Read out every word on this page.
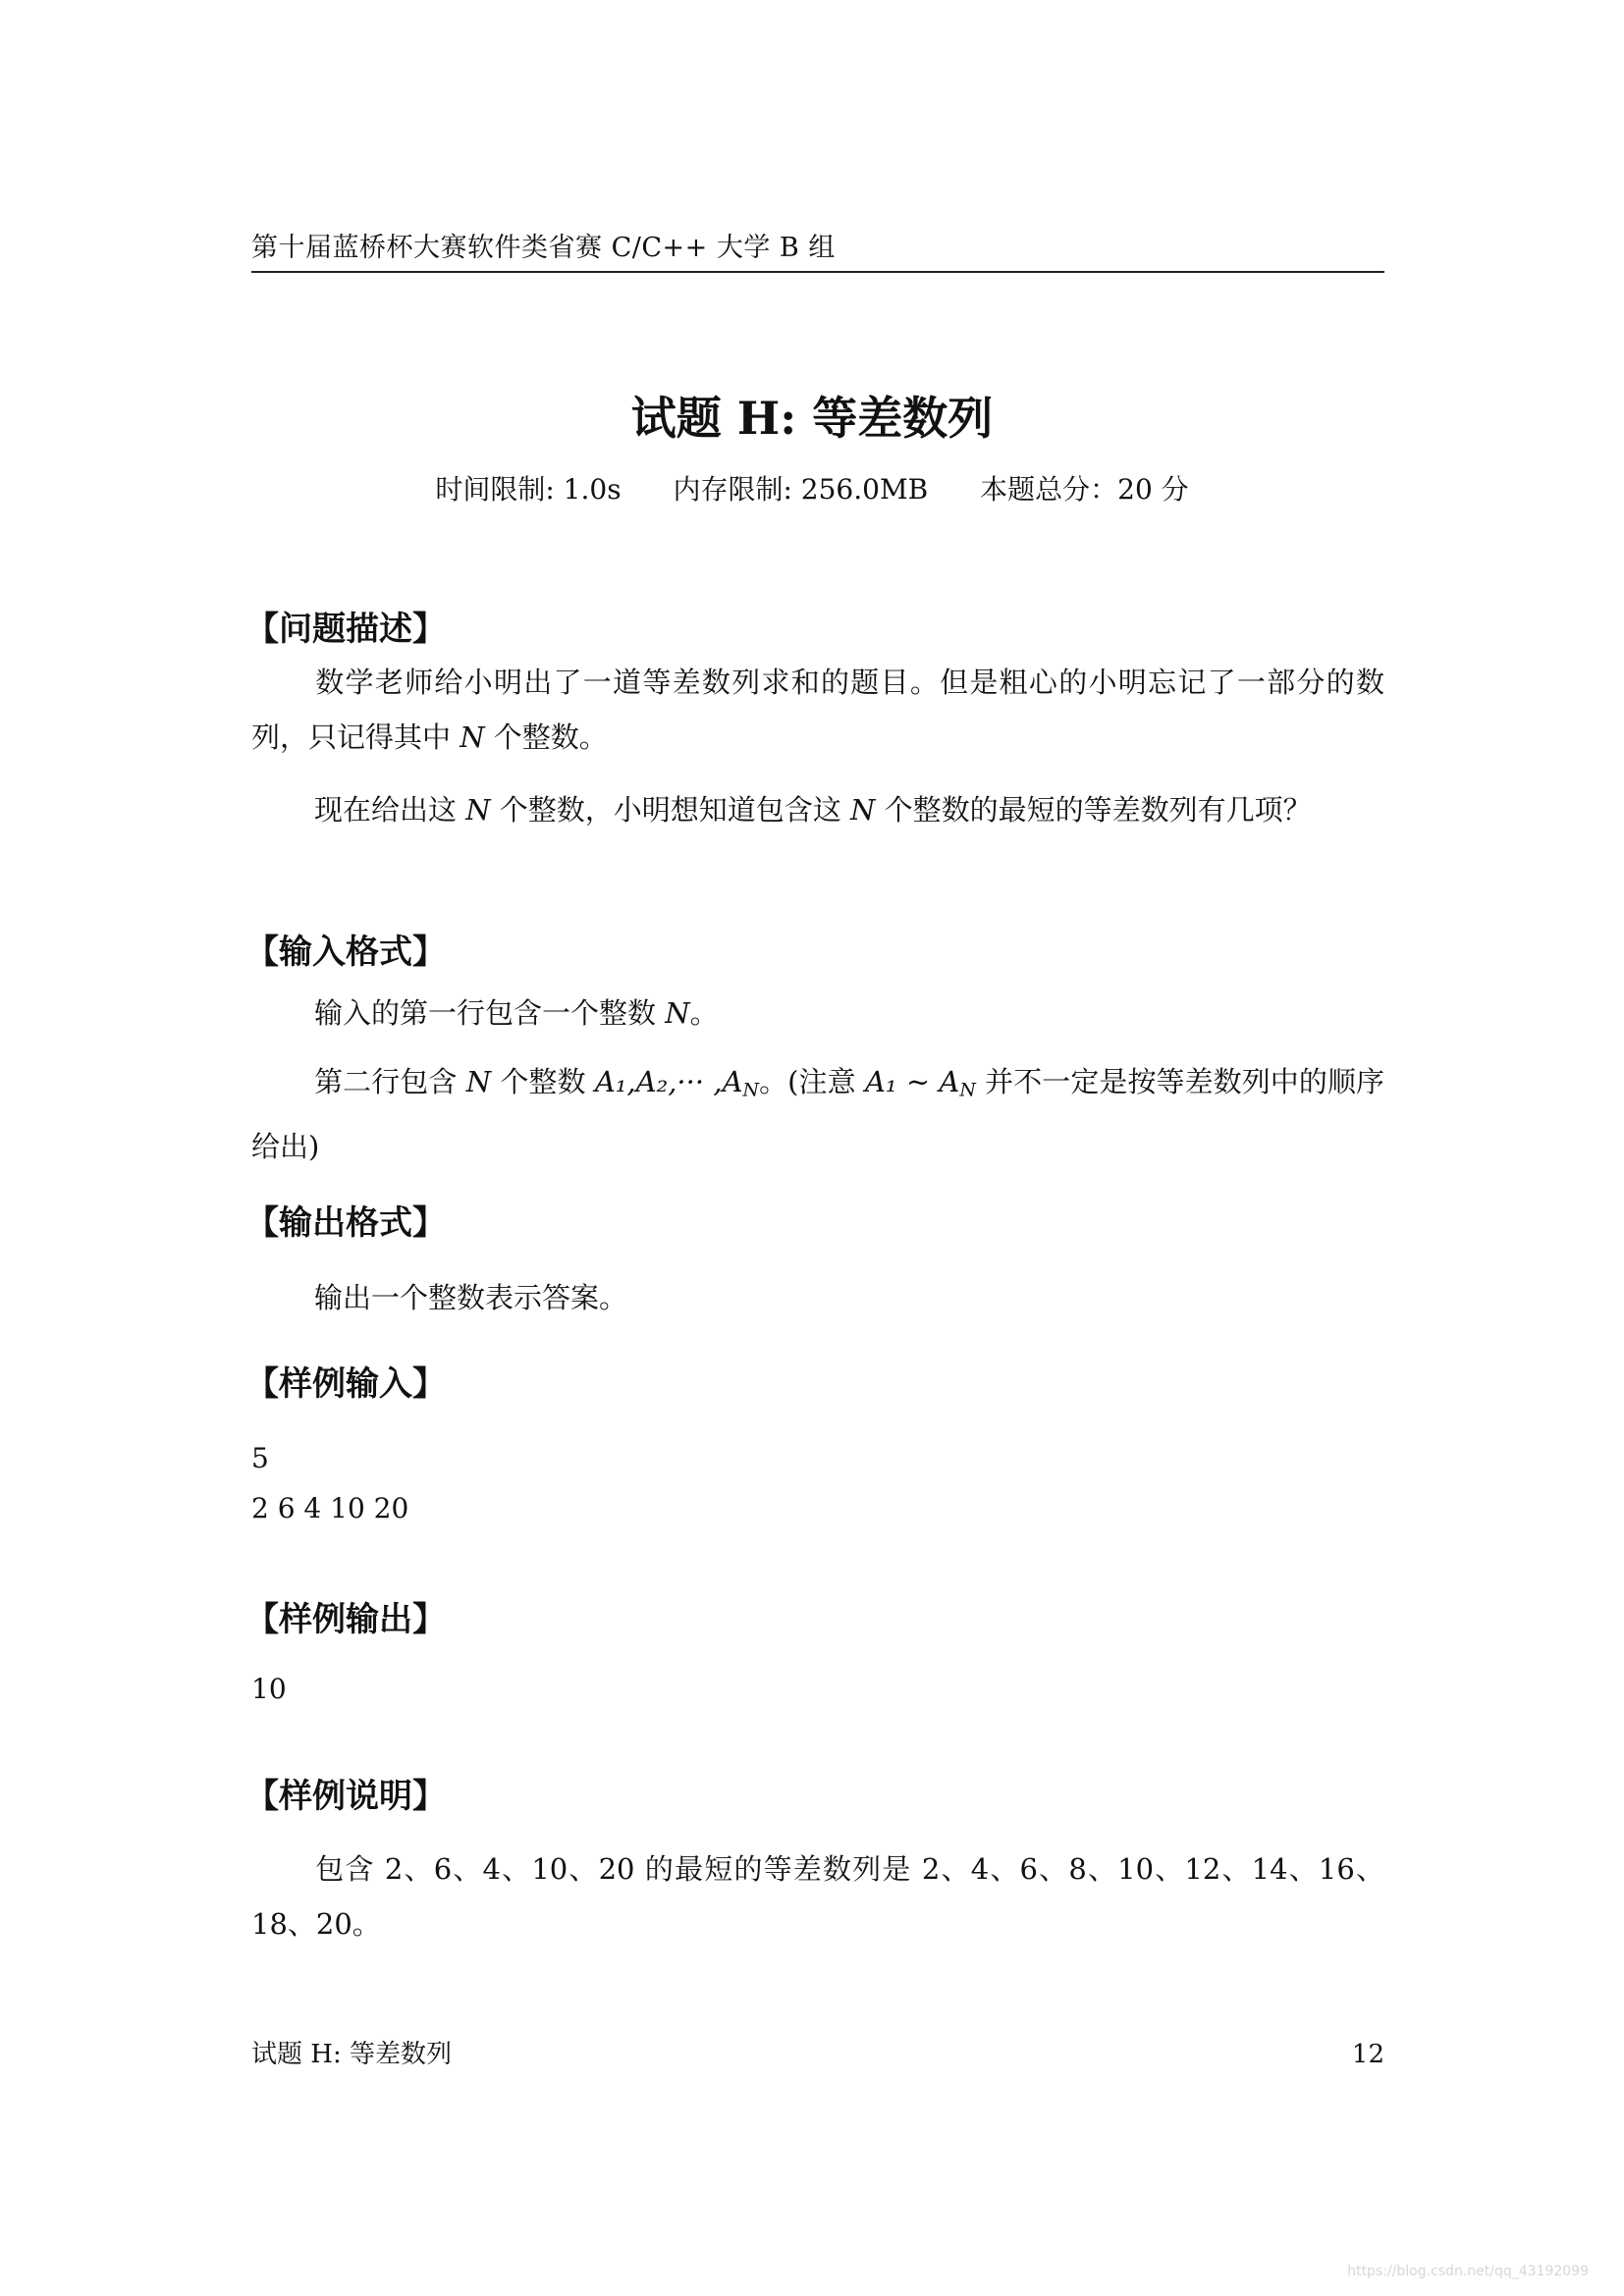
第十届蓝桥杯大赛软件类省赛 C/C++ 大学 B 组
试题 H: 等差数列
时间限制: 1.0s 内存限制: 256.0MB 本题总分：20 分
【问题描述】
数学老师给小明出了一道等差数列求和的题目。但是粗心的小明忘记了一部分的数列，只记得其中 N 个整数。
现在给出这 N 个整数，小明想知道包含这 N 个整数的最短的等差数列有几项？
【输入格式】
输入的第一行包含一个整数 N。
第二行包含 N 个整数 $A_1,A_2,\cdot\cdot\cdot ,A_N$。(注意 A₁ ∼ $A_N$ 并不一定是按等差数列中的顺序给出)
【输出格式】
输出一个整数表示答案。
【样例输入】
5
2 6 4 10 20
【样例输出】
10
【样例说明】
包含 2、6、4、10、20 的最短的等差数列是 2、4、6、8、10、12、14、16、18、20。
试题 H: 等差数列	12
https://blog.csdn.net/qq_43192099
